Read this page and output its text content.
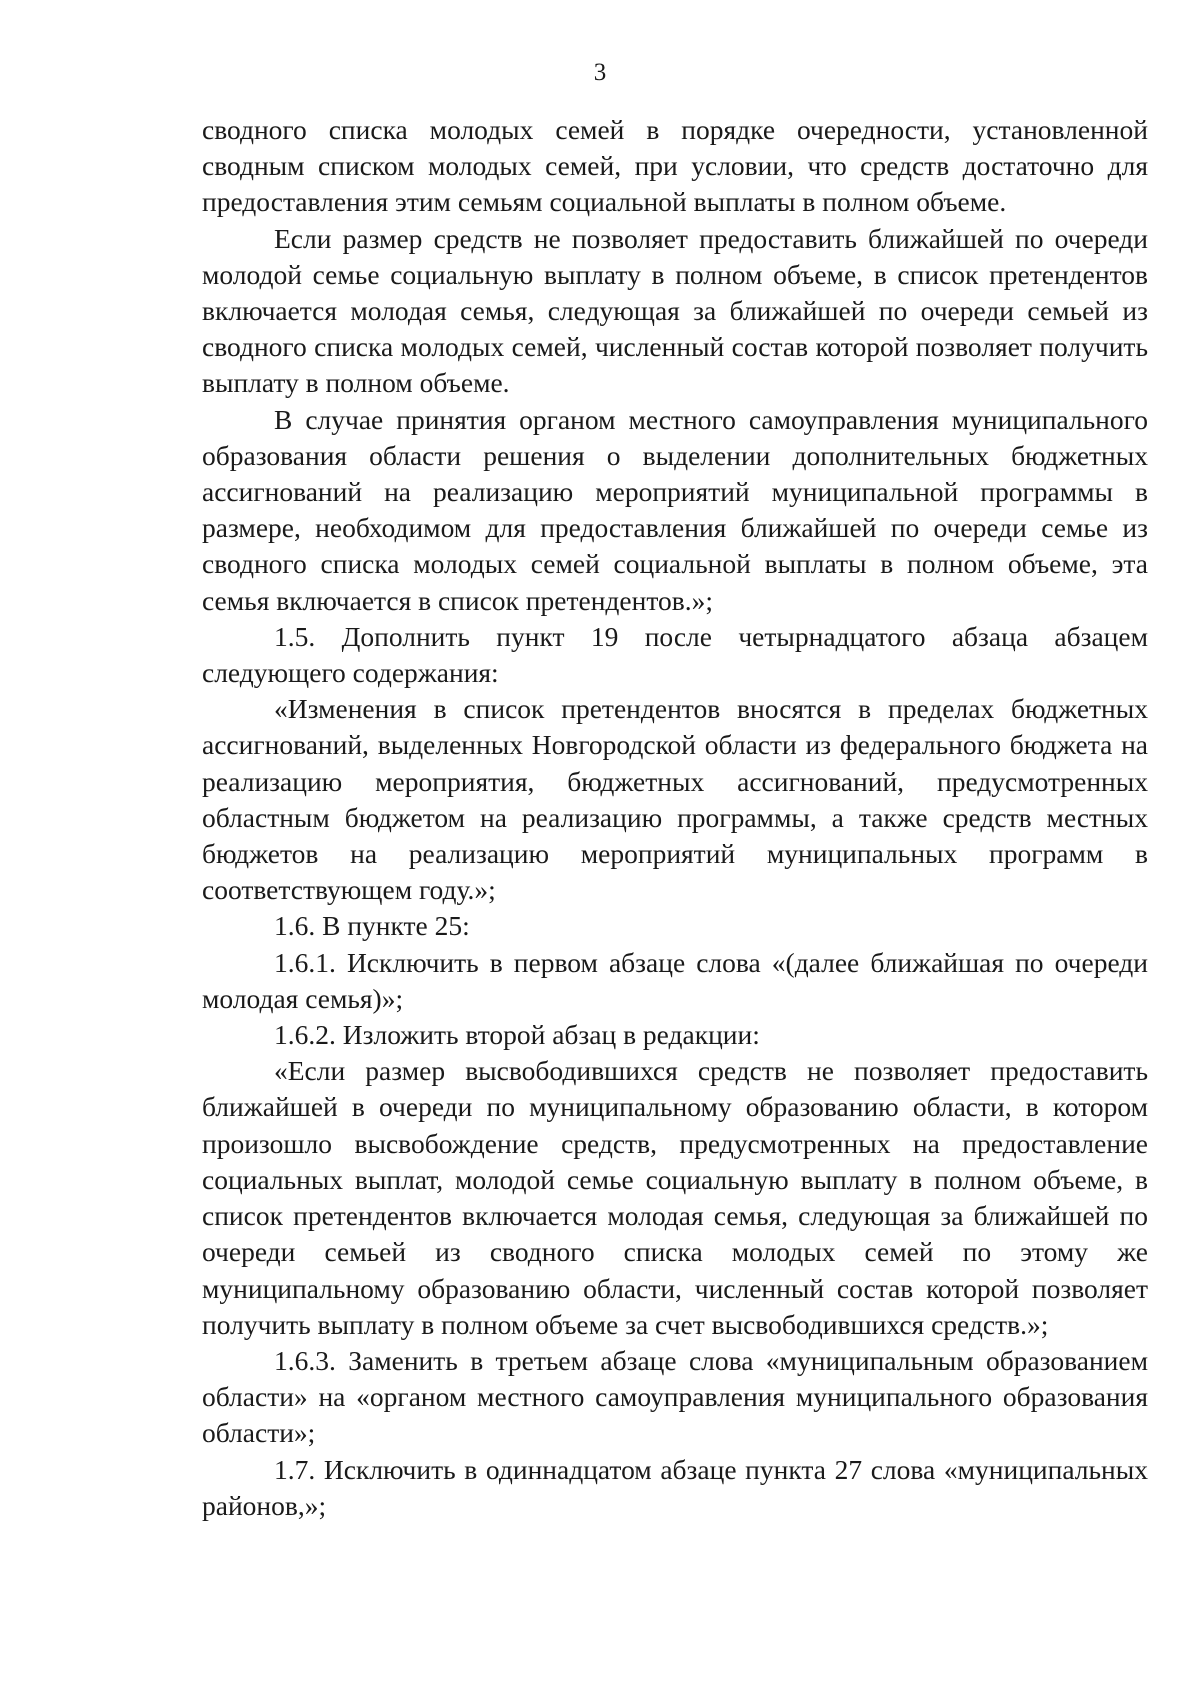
3

сводного списка молодых семей в порядке очередности, установленной сводным списком молодых семей, при условии, что средств достаточно для предоставления этим семьям социальной выплаты в полном объеме.

Если размер средств не позволяет предоставить ближайшей по очереди молодой семье социальную выплату в полном объеме, в список претендентов включается молодая семья, следующая за ближайшей по очереди семьей из сводного списка молодых семей, численный состав которой позволяет получить выплату в полном объеме.

В случае принятия органом местного самоуправления муниципального образования области решения о выделении дополнительных бюджетных ассигнований на реализацию мероприятий муниципальной программы в размере, необходимом для предоставления ближайшей по очереди семье из сводного списка молодых семей социальной выплаты в полном объеме, эта семья включается в список претендентов.»;

1.5. Дополнить пункт 19 после четырнадцатого абзаца абзацем следующего содержания:

«Изменения в список претендентов вносятся в пределах бюджетных ассигнований, выделенных Новгородской области из федерального бюджета на реализацию мероприятия, бюджетных ассигнований, предусмотренных областным бюджетом на реализацию программы, а также средств местных бюджетов на реализацию мероприятий муниципальных программ в соответствующем году.»;

1.6. В пункте 25:

1.6.1. Исключить в первом абзаце слова «(далее ближайшая по очереди молодая семья)»;

1.6.2. Изложить второй абзац в редакции:

«Если размер высвободившихся средств не позволяет предоставить ближайшей в очереди по муниципальному образованию области, в котором произошло высвобождение средств, предусмотренных на предоставление социальных выплат, молодой семье социальную выплату в полном объеме, в список претендентов включается молодая семья, следующая за ближайшей по очереди семьей из сводного списка молодых семей по этому же муниципальному образованию области, численный состав которой позволяет получить выплату в полном объеме за счет высвободившихся средств.»;

1.6.3. Заменить в третьем абзаце слова «муниципальным образованием области» на «органом местного самоуправления муниципального образования области»;

1.7. Исключить в одиннадцатом абзаце пункта 27 слова «муниципальных районов,»;
